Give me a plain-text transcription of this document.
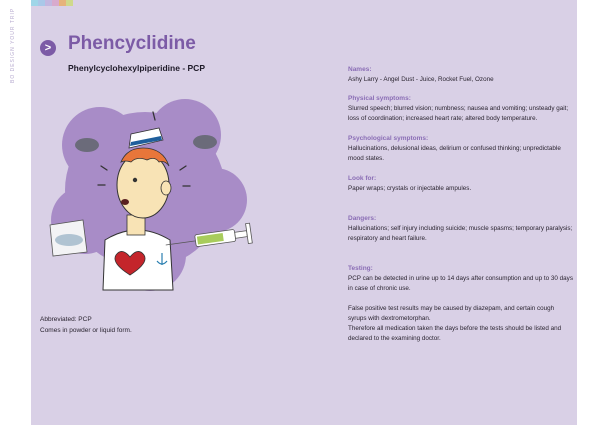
BO DESIGN YOUR TRIP	> Phencyclidine
Phenylcyclohexylpiperidine - PCP
Abbreviated: PCP
Comes in powder or liquid form.
Names:

Ashy Larry - Angel Dust - Juice, Rocket Fuel, Ozone

Physical symptoms:

Slurred speech; blurred vision; numbness; nausea and vomiting; unsteady gait; loss of coordination; increased heart rate; altered body temperature.

Psychological symptoms:

Hallucinations, delusional ideas, delirium or confused thinking; unpredictable mood states.

Look for:

Paper wraps; crystals or injectable ampules.

Dangers:

Hallucinations; self injury including suicide; muscle spasms; temporary paralysis; respiratory and heart failure.

Testing:

PCP can be detected in urine up to 14 days after consumption and up to 30 days in case of chronic use.

False positive test results may be caused by diazepam, and certain cough syrups with dextrometorphan.

Therefore all medication taken the days before the tests should be listed and declared to the examining doctor.
